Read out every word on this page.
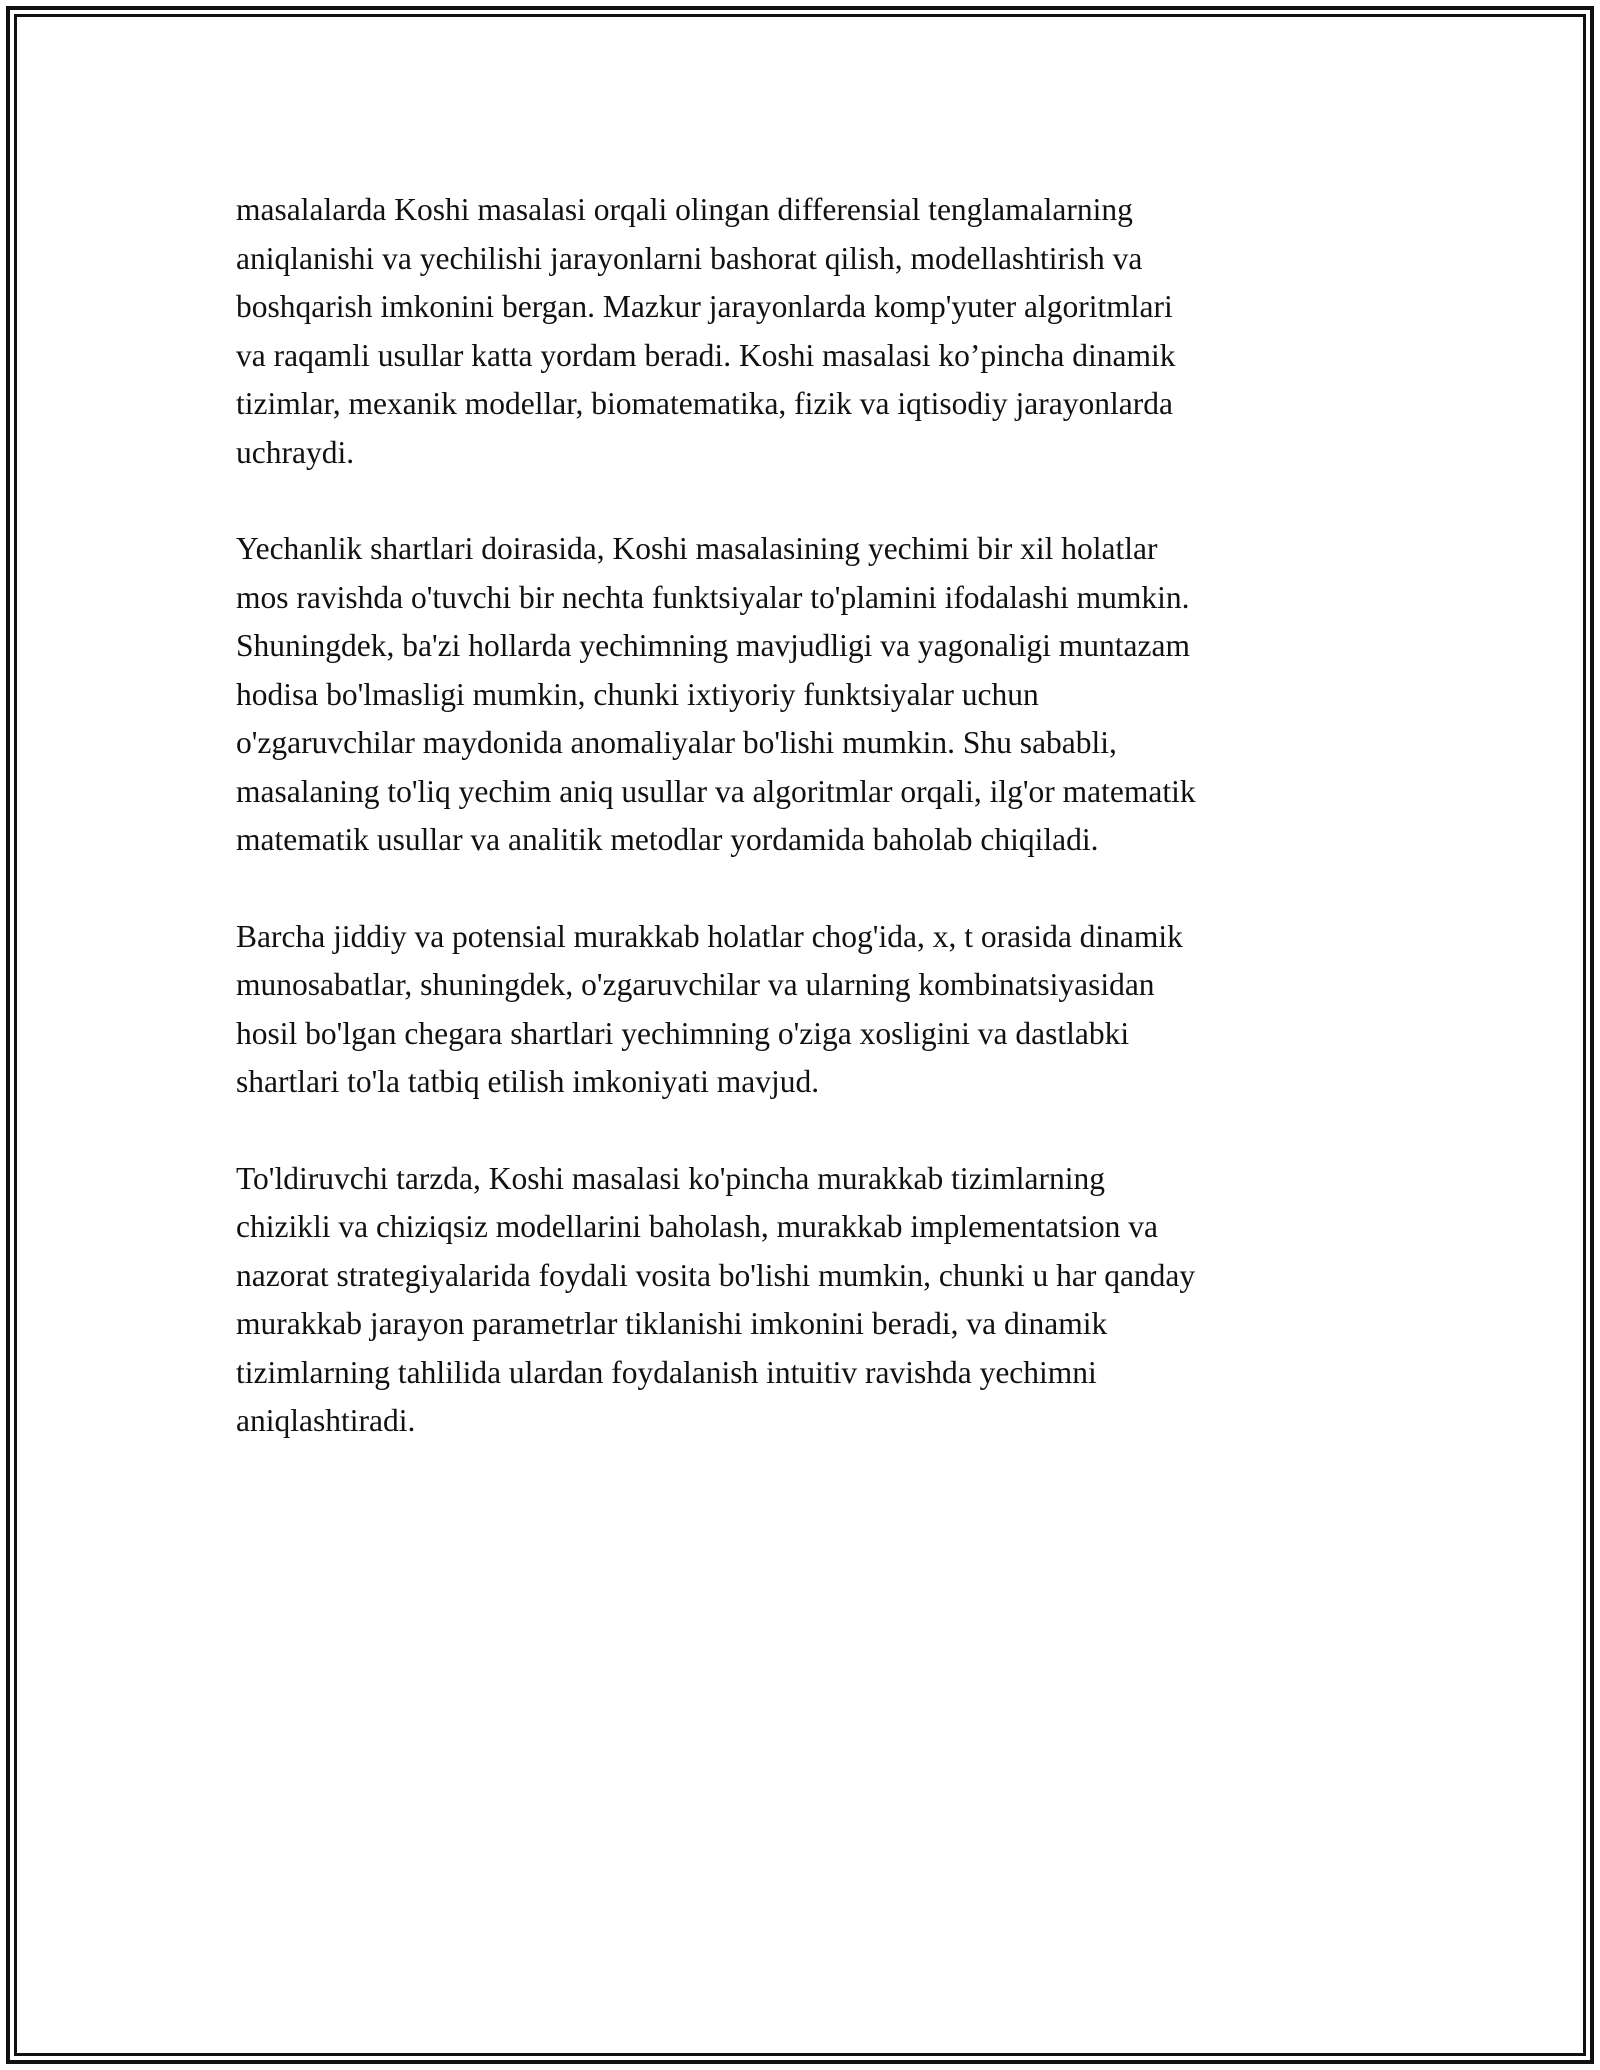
masalalarda Koshi masalasi orqali olingan differensial tenglamalarning
aniqlanishi va yechilishi jarayonlarni bashorat qilish, modellashtirish va
boshqarish imkonini bergan. Mazkur jarayonlarda komp'yuter algoritmlari
va raqamli usullar katta yordam beradi. Koshi masalasi ko’pincha dinamik
tizimlar, mexanik modellar, biomatematika, fizik va iqtisodiy jarayonlarda
uchraydi.

Yechanlik shartlari doirasida, Koshi masalasining yechimi bir xil holatlar
mos ravishda o'tuvchi bir nechta funktsiyalar to'plamini ifodalashi mumkin.
Shuningdek, ba'zi hollarda yechimning mavjudligi va yagonaligi muntazam
hodisa bo'lmasligi mumkin, chunki ixtiyoriy funktsiyalar uchun
o'zgaruvchilar maydonida anomaliyalar bo'lishi mumkin. Shu sababli,
masalaning to'liq yechim aniq usullar va algoritmlar orqali, ilg'or matematik
matematik usullar va analitik metodlar yordamida baholab chiqiladi.

Barcha jiddiy va potensial murakkab holatlar chog'ida, x, t orasida dinamik
munosabatlar, shuningdek, o'zgaruvchilar va ularning kombinatsiyasidan
hosil bo'lgan chegara shartlari yechimning o'ziga xosligini va dastlabki
shartlari to'la tatbiq etilish imkoniyati mavjud.

To'ldiruvchi tarzda, Koshi masalasi ko'pincha murakkab tizimlarning
chizikli va chiziqsiz modellarini baholash, murakkab implementatsion va
nazorat strategiyalarida foydali vosita bo'lishi mumkin, chunki u har qanday
murakkab jarayon parametrlar tiklanishi imkonini beradi, va dinamik
tizimlarning tahlilida ulardan foydalanish intuitiv ravishda yechimni
aniqlashtiradi.
